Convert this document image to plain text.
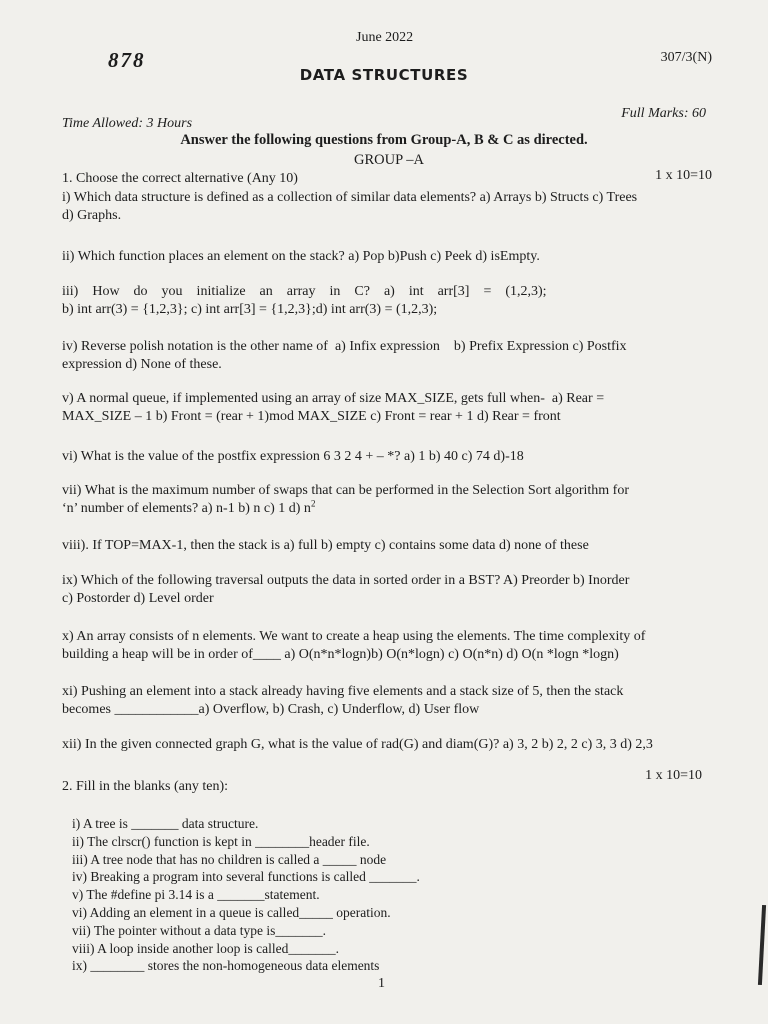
June 2022
878	307/3(N)
DATA STRUCTURES
Full Marks: 60
Time Allowed: 3 Hours
Answer the following questions from Group-A, B & C as directed.
GROUP –A
1. Choose the correct alternative (Any 10)	1 x 10=10
i) Which data structure is defined as a collection of similar data elements? a) Arrays b) Structs c) Trees
d) Graphs.
ii) Which function places an element on the stack? a) Pop b)Push c) Peek d) isEmpty.
iii)    How    do    you    initialize    an    array    in    C?    a)    int    arr[3]    =    (1,2,3);
b) int arr(3) = {1,2,3}; c) int arr[3] = {1,2,3};d) int arr(3) = (1,2,3);
iv) Reverse polish notation is the other name of  a) Infix expression    b) Prefix Expression c) Postfix
expression d) None of these.
v) A normal queue, if implemented using an array of size MAX_SIZE, gets full when-  a) Rear =
MAX_SIZE – 1 b) Front = (rear + 1)mod MAX_SIZE c) Front = rear + 1 d) Rear = front
vi) What is the value of the postfix expression 6 3 2 4 + – *? a) 1 b) 40 c) 74 d)-18
vii) What is the maximum number of swaps that can be performed in the Selection Sort algorithm for
‘n’ number of elements? a) n-1 b) n c) 1 d) $n^2$
viii). If TOP=MAX-1, then the stack is a) full b) empty c) contains some data d) none of these
ix) Which of the following traversal outputs the data in sorted order in a BST? A) Preorder b) Inorder
c) Postorder d) Level order
x) An array consists of n elements. We want to create a heap using the elements. The time complexity of
building a heap will be in order of____ a) O(n*n*logn)b) O(n*logn) c) O(n*n) d) O(n *logn *logn)
xi) Pushing an element into a stack already having five elements and a stack size of 5, then the stack
becomes ____________a) Overflow, b) Crash, c) Underflow, d) User flow
xii) In the given connected graph G, what is the value of rad(G) and diam(G)? a) 3, 2 b) 2, 2 c) 3, 3 d) 2,3
2. Fill in the blanks (any ten):
1 x 10=10
i) A tree is _______ data structure.
ii) The clrscr() function is kept in ________header file.
iii) A tree node that has no children is called a _____ node
iv) Breaking a program into several functions is called _______.
v) The #define pi 3.14 is a _______statement.
vi) Adding an element in a queue is called_____ operation.
vii) The pointer without a data type is_______.
viii) A loop inside another loop is called_______.
ix) ________ stores the non-homogeneous data elements
1
